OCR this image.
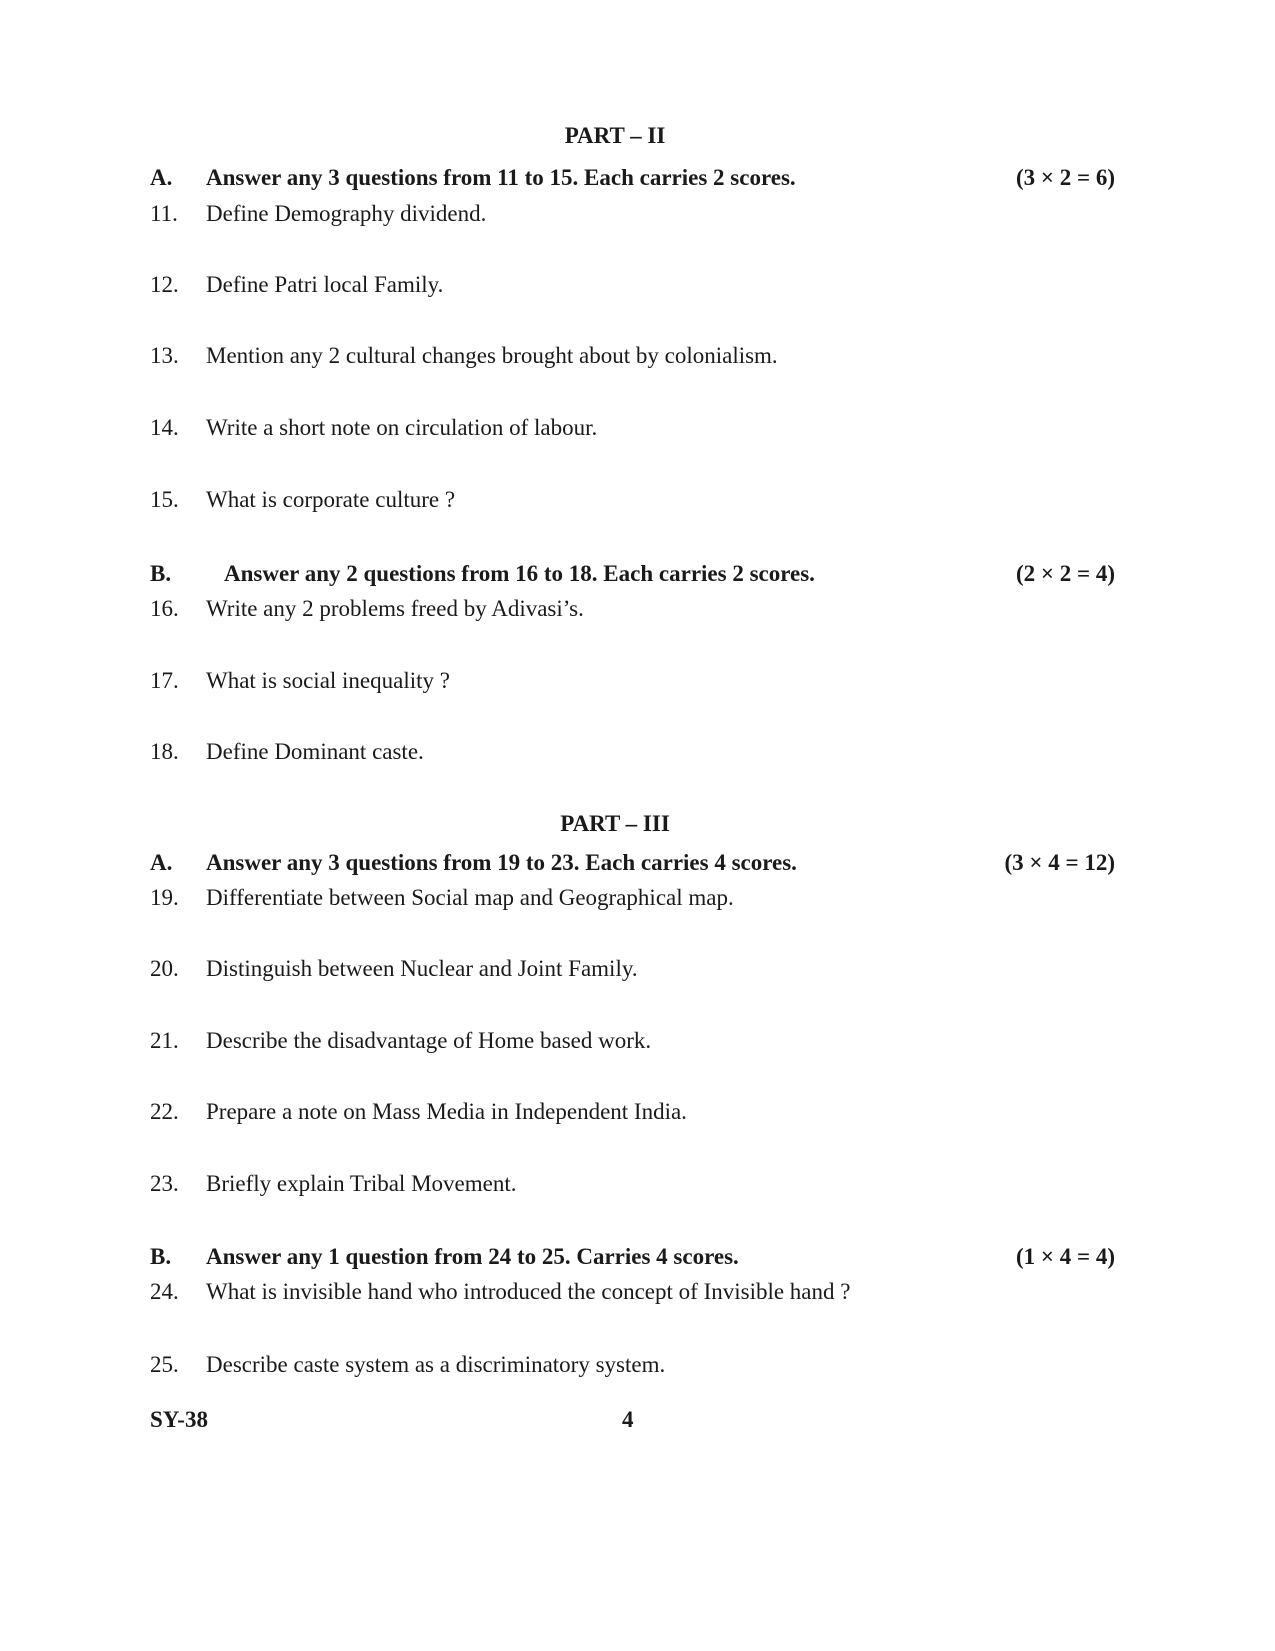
PART – II
A. Answer any 3 questions from 11 to 15. Each carries 2 scores.	(3 × 2 = 6)
11. Define Demography dividend.
12. Define Patri local Family.
13. Mention any 2 cultural changes brought about by colonialism.
14. Write a short note on circulation of labour.
15. What is corporate culture ?
B. Answer any 2 questions from 16 to 18. Each carries 2 scores.	(2 × 2 = 4)
16. Write any 2 problems freed by Adivasi’s.
17. What is social inequality ?
18. Define Dominant caste.
PART – III
A. Answer any 3 questions from 19 to 23. Each carries 4 scores.	(3 × 4 = 12)
19. Differentiate between Social map and Geographical map.
20. Distinguish between Nuclear and Joint Family.
21. Describe the disadvantage of Home based work.
22. Prepare a note on Mass Media in Independent India.
23. Briefly explain Tribal Movement.
B. Answer any 1 question from 24 to 25. Carries 4 scores.	(1 × 4 = 4)
24. What is invisible hand who introduced the concept of Invisible hand ?
25. Describe caste system as a discriminatory system.
SY-38	4
